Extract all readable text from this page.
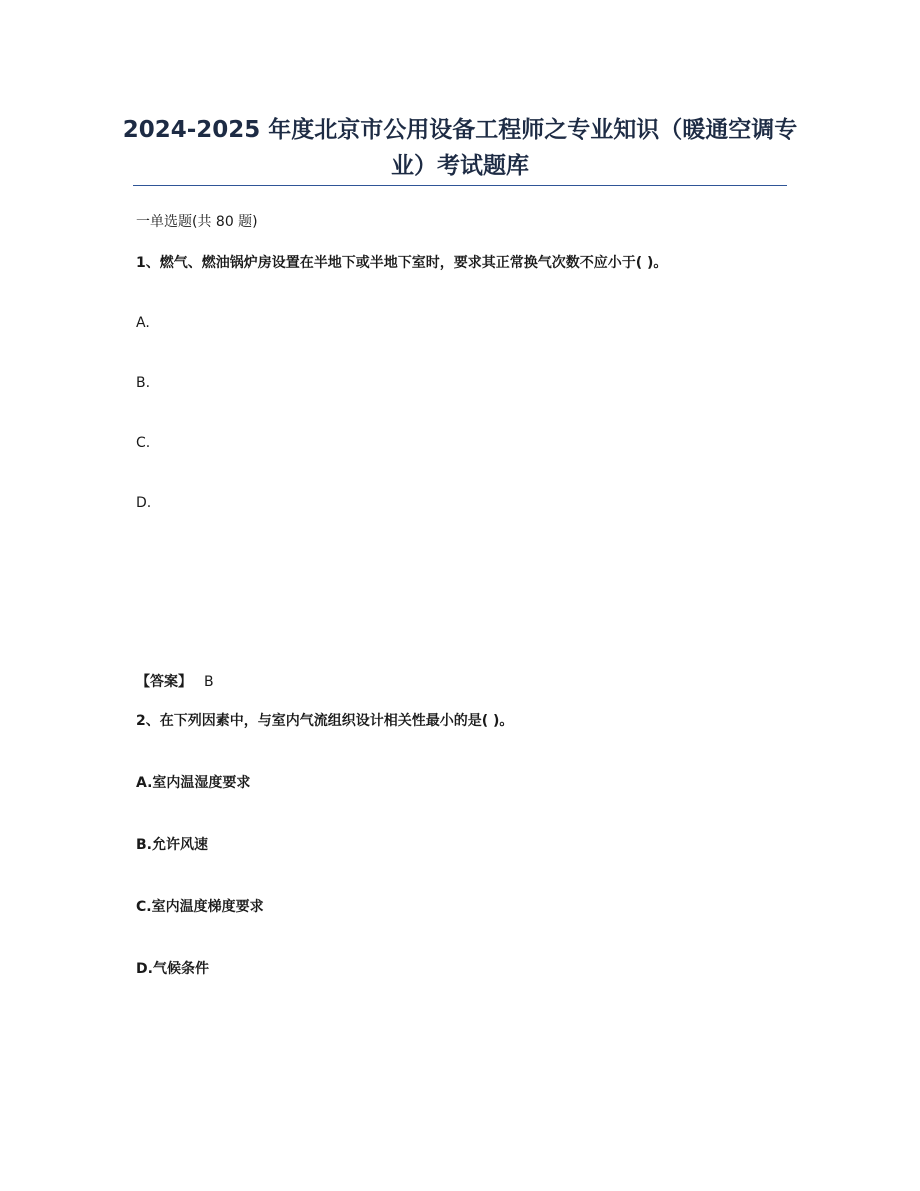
2024-2025 年度北京市公用设备工程师之专业知识（暖通空调专业）考试题库

一单选题(共 80 题)

1、燃气、燃油锅炉房设置在半地下或半地下室时，要求其正常换气次数不应小于( )。

A.

B.

C.

D.

【答案】 B

2、在下列因素中，与室内气流组织设计相关性最小的是( )。

A.室内温湿度要求

B.允许风速

C.室内温度梯度要求

D.气候条件
